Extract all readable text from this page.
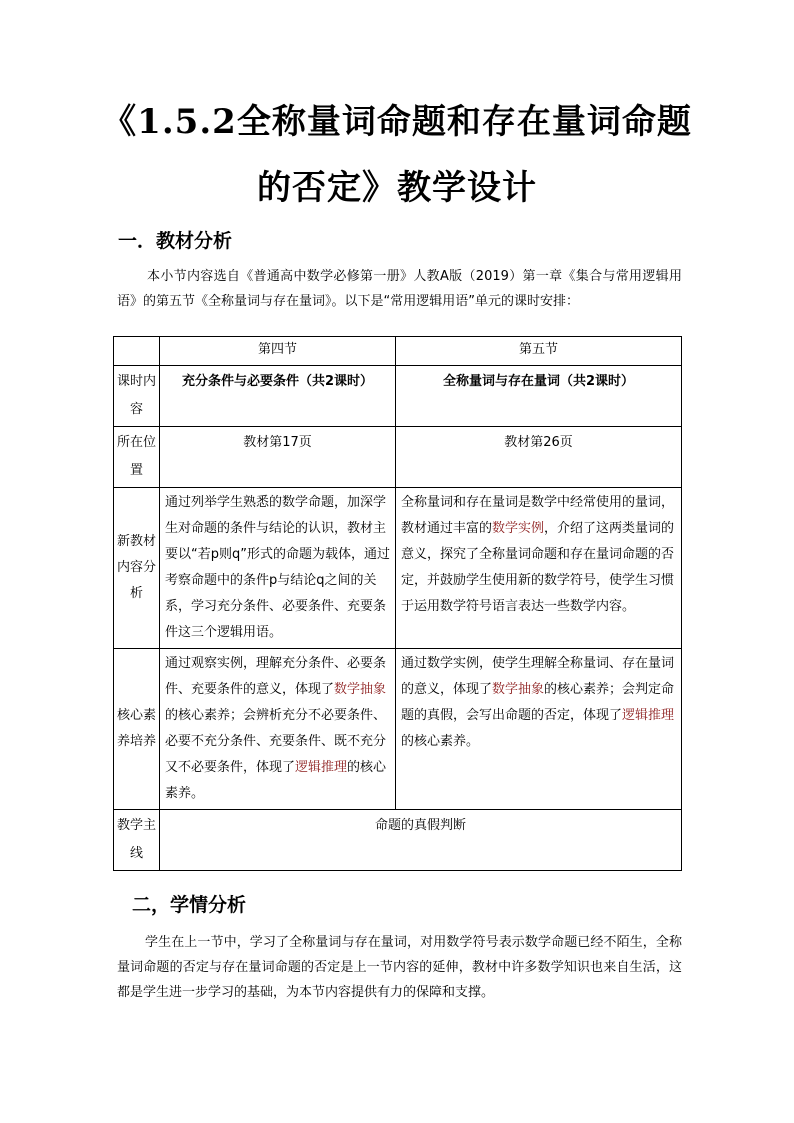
《1.5.2全称量词命题和存在量词命题
的否定》教学设计
一．教材分析
本小节内容选自《普通高中数学必修第一册》人教A版（2019）第一章《集合与常用逻辑用语》的第五节《全称量词与存在量词》。以下是“常用逻辑用语”单元的课时安排：
	第四节	第五节
课时内容	充分条件与必要条件（共2课时）	全称量词与存在量词（共2课时）
所在位置	教材第17页	教材第26页
新教材内容分析	通过列举学生熟悉的数学命题，加深学生对命题的条件与结论的认识，教材主要以“若p则q”形式的命题为载体，通过考察命题中的条件p与结论q之间的关系，学习充分条件、必要条件、充要条件这三个逻辑用语。	全称量词和存在量词是数学中经常使用的量词，教材通过丰富的数学实例，介绍了这两类量词的意义，探究了全称量词命题和存在量词命题的否定，并鼓励学生使用新的数学符号，使学生习惯于运用数学符号语言表达一些数学内容。
核心素养培养	通过观察实例，理解充分条件、必要条件、充要条件的意义，体现了数学抽象的核心素养；会辨析充分不必要条件、必要不充分条件、充要条件、既不充分又不必要条件，体现了逻辑推理的核心素养。	通过数学实例，使学生理解全称量词、存在量词的意义，体现了数学抽象的核心素养；会判定命题的真假，会写出命题的否定，体现了逻辑推理的核心素养。
教学主线	命题的真假判断	
二，学情分析
学生在上一节中，学习了全称量词与存在量词，对用数学符号表示数学命题已经不陌生，全称量词命题的否定与存在量词命题的否定是上一节内容的延伸，教材中许多数学知识也来自生活，这都是学生进一步学习的基础，为本节内容提供有力的保障和支撑。
